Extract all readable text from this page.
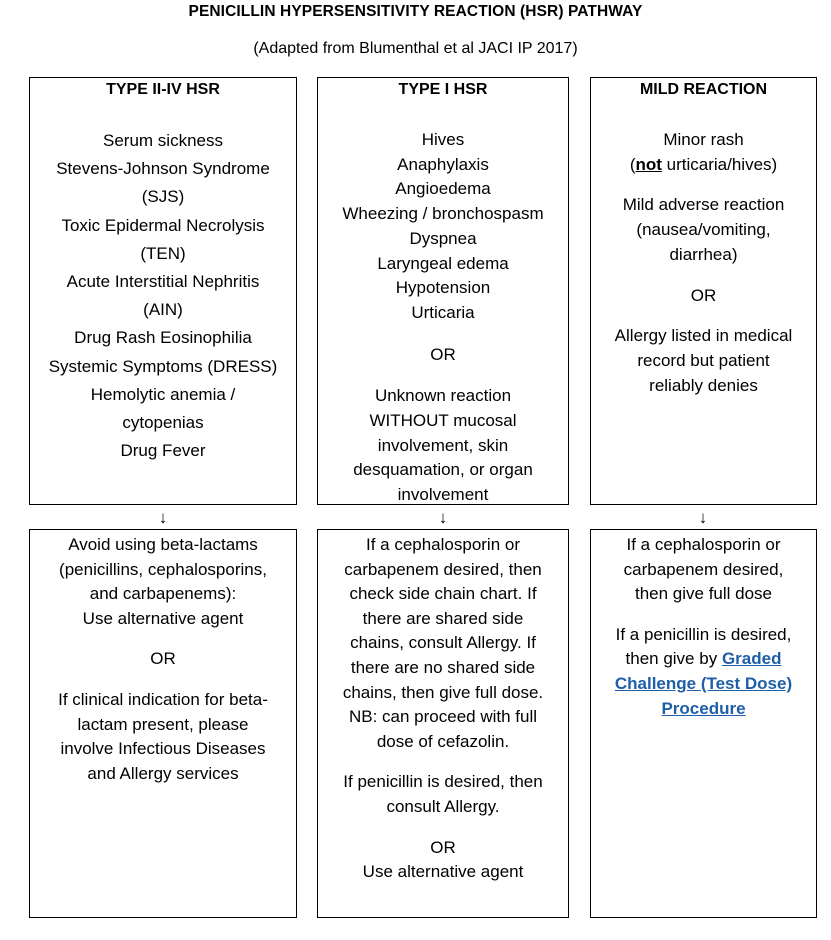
PENICILLIN HYPERSENSITIVITY REACTION (HSR) PATHWAY
(Adapted from Blumenthal et al JACI IP 2017)
TYPE II-IV HSR
Serum sickness
Stevens-Johnson Syndrome
(SJS)
Toxic Epidermal Necrolysis
(TEN)
Acute Interstitial Nephritis
(AIN)
Drug Rash Eosinophilia
Systemic Symptoms (DRESS)
Hemolytic anemia /
cytopenias
Drug Fever
TYPE I HSR
Hives
Anaphylaxis
Angioedema
Wheezing / bronchospasm
Dyspnea
Laryngeal edema
Hypotension
Urticaria
OR
Unknown reaction
WITHOUT mucosal
involvement, skin
desquamation, or organ
involvement
MILD REACTION
Minor rash
(not urticaria/hives)
Mild adverse reaction
(nausea/vomiting,
diarrhea)
OR
Allergy listed in medical
record but patient
reliably denies
↓	↓	↓
Avoid using beta-lactams
(penicillins, cephalosporins,
and carbapenems):
Use alternative agent
OR
If clinical indication for beta-
lactam present, please
involve Infectious Diseases
and Allergy services
If a cephalosporin or
carbapenem desired, then
check side chain chart. If
there are shared side
chains, consult Allergy. If
there are no shared side
chains, then give full dose.
NB: can proceed with full
dose of cefazolin.
If penicillin is desired, then
consult Allergy.
OR
Use alternative agent
If a cephalosporin or
carbapenem desired,
then give full dose
If a penicillin is desired,
then give by Graded
Challenge (Test Dose)
Procedure
